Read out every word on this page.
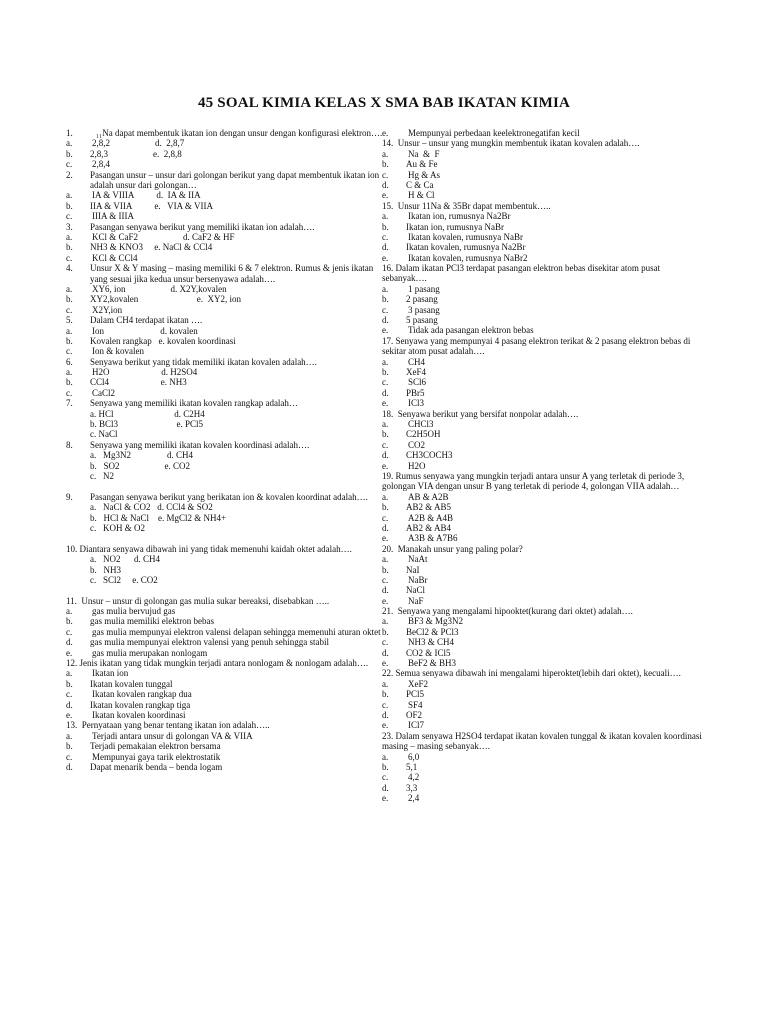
45 SOAL KIMIA KELAS X SMA BAB IKATAN KIMIA
1.	₁₁Na dapat membentuk ikatan ion dengan unsur dengan konfigurasi elektron….
a.	2,8,2                    d.  2,8,7
b.	2,8,3                    e.  2,8,8
c.	2,8,4
2.	Pasangan unsur – unsur dari golongan berikut yang dapat membentuk ikatan ion adalah unsur dari golongan…
a.	IA & VIIIA          d.  IA & IIA
b.	IIA & VIIA          e.   VIA & VIIA
c.	IIIA & IIIA
3.	Pasangan senyawa berikut yang memiliki ikatan ion adalah….
a.	KCl & CaF2                    d. CaF2 & HF
b.	NH3 & KNO3     e. NaCl & CCl4
c.	KCl & CCl4
4.	Unsur X & Y masing – masing memiliki 6 & 7 elektron. Rumus & jenis ikatan yang sesuai jika kedua unsur bersenyawa adalah….
a.	XY6, ion                    d. X2Y,kovalen
b.	XY2,kovalen                          e.  XY2, ion
c.	X2Y,ion
5.	Dalam CH4 terdapat ikatan ….
a.	Ion                         d. kovalen
b.	Kovalen rangkap   e. kovalen koordinasi
c.	Ion & kovalen
6.	Senyawa berikut yang tidak memiliki ikatan kovalen adalah….
a.	H2O                       d. H2SO4
b.	CCl4                       e. NH3
c.	CaCl2
7.	Senyawa yang memiliki ikatan kovalen rangkap adalah…
a. HCl                           d. C2H4
b. BCl3                          e. PCl5
c. NaCl
8.	Senyawa yang memiliki ikatan kovalen koordinasi adalah….
a.   Mg3N2                d. CH4
b.   SO2                    e. CO2
c.   N2
9.	Pasangan senyawa berikut yang berikatan ion & kovalen koordinat adalah….
a.   NaCl & CO2   d. CCl4 & SO2
b.   HCl & NaCl    e. MgCl2 & NH4+
c.   KOH & O2
10. Diantara senyawa dibawah ini yang tidak memenuhi kaidah oktet adalah….
a.   NO2      d. CH4
b.   NH3
c.   SCl2     e. CO2
11.  Unsur – unsur di golongan gas mulia sukar bereaksi, disebabkan …..
a.	gas mulia bervujud gas
b.	gas mulia memiliki elektron bebas
c.	gas mulia mempunyai elektron valensi delapan sehingga memenuhi aturan oktet
d.	gas mulia mempunyai elektron valensi yang penuh sehingga stabil
e.	gas mulia merupakan nonlogam
12. Jenis ikatan yang tidak mungkin terjadi antara nonlogam & nonlogam adalah….
a.	Ikatan ion
b.	Ikatan kovalen tunggal
c.	Ikatan kovalen rangkap dua
d.	Ikatan kovalen rangkap tiga
e.	Ikatan kovalen koordinasi
13.  Pernyataan yang benar tentang ikatan ion adalah…..
a.	Terjadi antara unsur di golongan VA & VIIA
b.	Terjadi pemakaian elektron bersama
c.	Mempunyai gaya tarik elektrostatik
d.	Dapat menarik benda – benda logam
e.	Mempunyai perbedaan keelektronegatifan kecil
14.  Unsur – unsur yang mungkin membentuk ikatan kovalen adalah….
a.	Na  &  F
b.	Au & Fe
c.	Hg & As
d.	C & Ca
e.	H & Cl
15.  Unsur 11Na & 35Br dapat membentuk…..
a.	Ikatan ion, rumusnya Na2Br
b.	Ikatan ion, rumusnya NaBr
c.	Ikatan kovalen, rumusnya NaBr
d.	Ikatan kovalen, rumusnya Na2Br
e.	Ikatan kovalen, rumusnya NaBr2
16. Dalam ikatan PCl3 terdapat pasangan elektron bebas disekitar atom pusat sebanyak….
a.	1 pasang
b.	2 pasang
c.	3 pasang
d.	5 pasang
e.	Tidak ada pasangan elektron bebas
17. Senyawa yang mempunyai 4 pasang elektron terikat & 2 pasang elektron bebas di sekitar atom pusat adalah….
a.	CH4
b.	XeF4
c.	SCl6
d.	PBr5
e.	ICl3
18.  Senyawa berikut yang bersifat nonpolar adalah….
a.	CHCl3
b.	C2H5OH
c.	CO2
d.	CH3COCH3
e.	H2O
19. Rumus senyawa yang mungkin terjadi antara unsur A yang terletak di periode 3, golongan VIA dengan unsur B yang terletak di periode 4, golongan VIIA adalah…
a.	AB & A2B
b.	AB2 & AB5
c.	A2B & A4B
d.	AB2 & AB4
e.	A3B & A7B6
20.  Manakah unsur yang paling polar?
a.	NaAt
b.	NaI
c.	NaBr
d.	NaCl
e.	NaF
21.  Senyawa yang mengalami hipooktet(kurang dari oktet) adalah….
a.	BF3 & Mg3N2
b.	BeCl2 & PCl3
c.	NH3 & CH4
d.	CO2 & ICl5
e.	BeF2 & BH3
22. Semua senyawa dibawah ini mengalami hiperoktet(lebih dari oktet), kecuali….
a.	XeF2
b.	PCl5
c.	SF4
d.	OF2
e.	ICl7
23. Dalam senyawa H2SO4 terdapat ikatan kovalen tunggal & ikatan kovalen koordinasi masing – masing sebanyak….
a.	6,0
b.	5,1
c.	4,2
d.	3,3
e.	2,4
